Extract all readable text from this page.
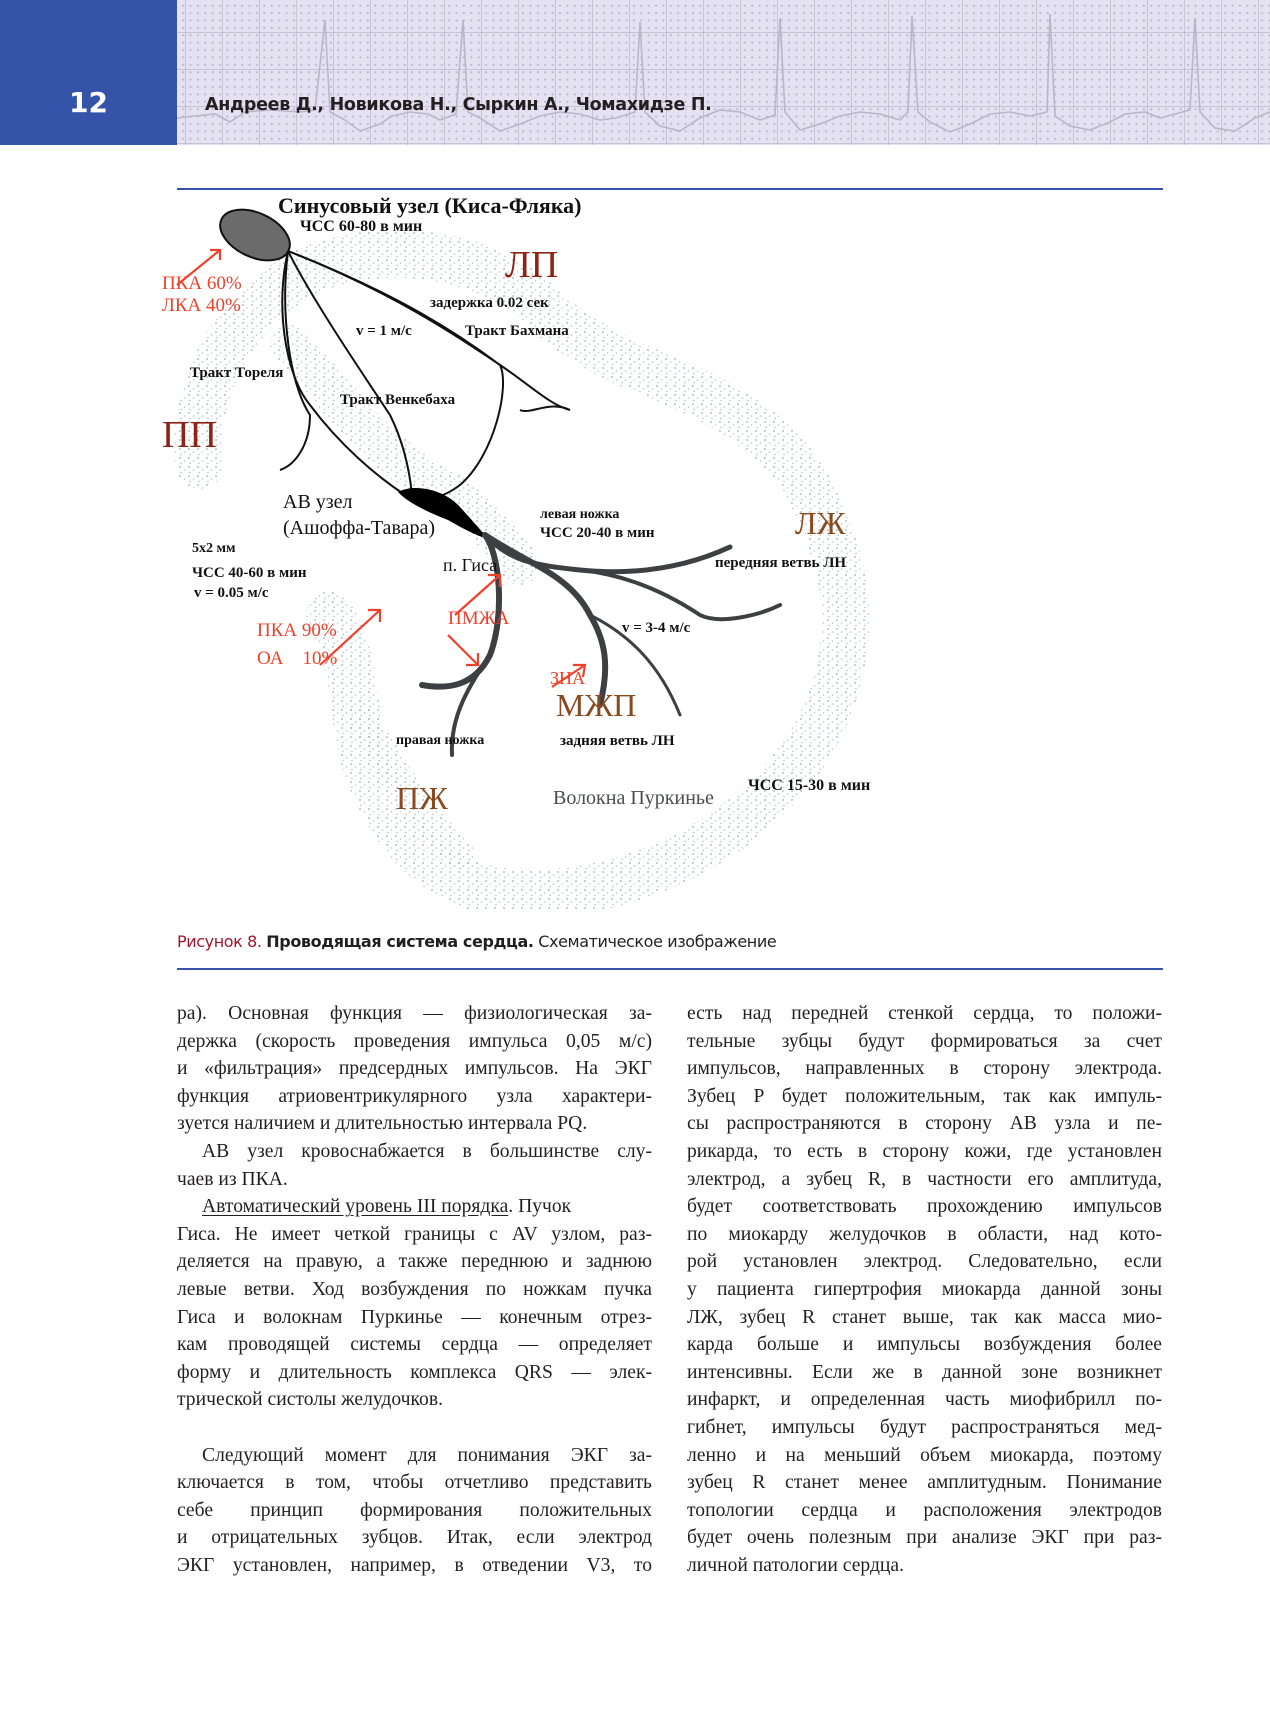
12	Андреев Д., Новикова Н., Сыркин А., Чомахидзе П.
Синусовый узел (Киса-Фляка)
ЧСС 60-80 в мин
ПКА 60%
ЛКА 40%
ЛП
задержка 0.02 сек
Тракт Бахмана
v = 1 м/с
Тракт Тореля
Тракт Венкебаха
ПП
АВ узел
(Ашоффа-Тавара)
5х2 мм
ЧСС 40-60 в мин
v = 0.05 м/с
ПКА 90%
ОА    10%
левая ножка
ЧСС 20-40 в мин	ЛЖ
передняя ветвь ЛН
п. Гиса
ПМЖА	v = 3-4 м/с
ЗНА
МЖП
правая ножка	задняя ветвь ЛН
ЧСС 15-30 в мин
ПЖ	Волокна Пуркинье
Рисунок 8. Проводящая система сердца. Схематическое изображение
ра). Основная функция — физиологическая за-
держка (скорость проведения импульса 0,05 м/с)
и «фильтрация» предсердных импульсов. На ЭКГ
функция атриовентрикулярного узла характери-
зуется наличием и длительностью интервала PQ.
АВ узел кровоснабжается в большинстве слу-
чаев из ПКА.
Автоматический уровень III порядка. Пучок
Гиса. Не имеет четкой границы с AV узлом, раз-
деляется на правую, а также переднюю и заднюю
левые ветви. Ход возбуждения по ножкам пучка
Гиса и волокнам Пуркинье — конечным отрез-
кам проводящей системы сердца — определяет
форму и длительность комплекса QRS — элек-
трической систолы желудочков.
Следующий момент для понимания ЭКГ за-
ключается в том, чтобы отчетливо представить
себе принцип формирования положительных
и отрицательных зубцов. Итак, если электрод
ЭКГ установлен, например, в отведении V3, то
есть над передней стенкой сердца, то положи-
тельные зубцы будут формироваться за счет
импульсов, направленных в сторону электрода.
Зубец P будет положительным, так как импуль-
сы распространяются в сторону АВ узла и пе-
рикарда, то есть в сторону кожи, где установлен
электрод, а зубец R, в частности его амплитуда,
будет соответствовать прохождению импульсов
по миокарду желудочков в области, над кото-
рой установлен электрод. Следовательно, если
у пациента гипертрофия миокарда данной зоны
ЛЖ, зубец R станет выше, так как масса мио-
карда больше и импульсы возбуждения более
интенсивны. Если же в данной зоне возникнет
инфаркт, и определенная часть миофибрилл по-
гибнет, импульсы будут распространяться мед-
ленно и на меньший объем миокарда, поэтому
зубец R станет менее амплитудным. Понимание
топологии сердца и расположения электродов
будет очень полезным при анализе ЭКГ при раз-
личной патологии сердца.
